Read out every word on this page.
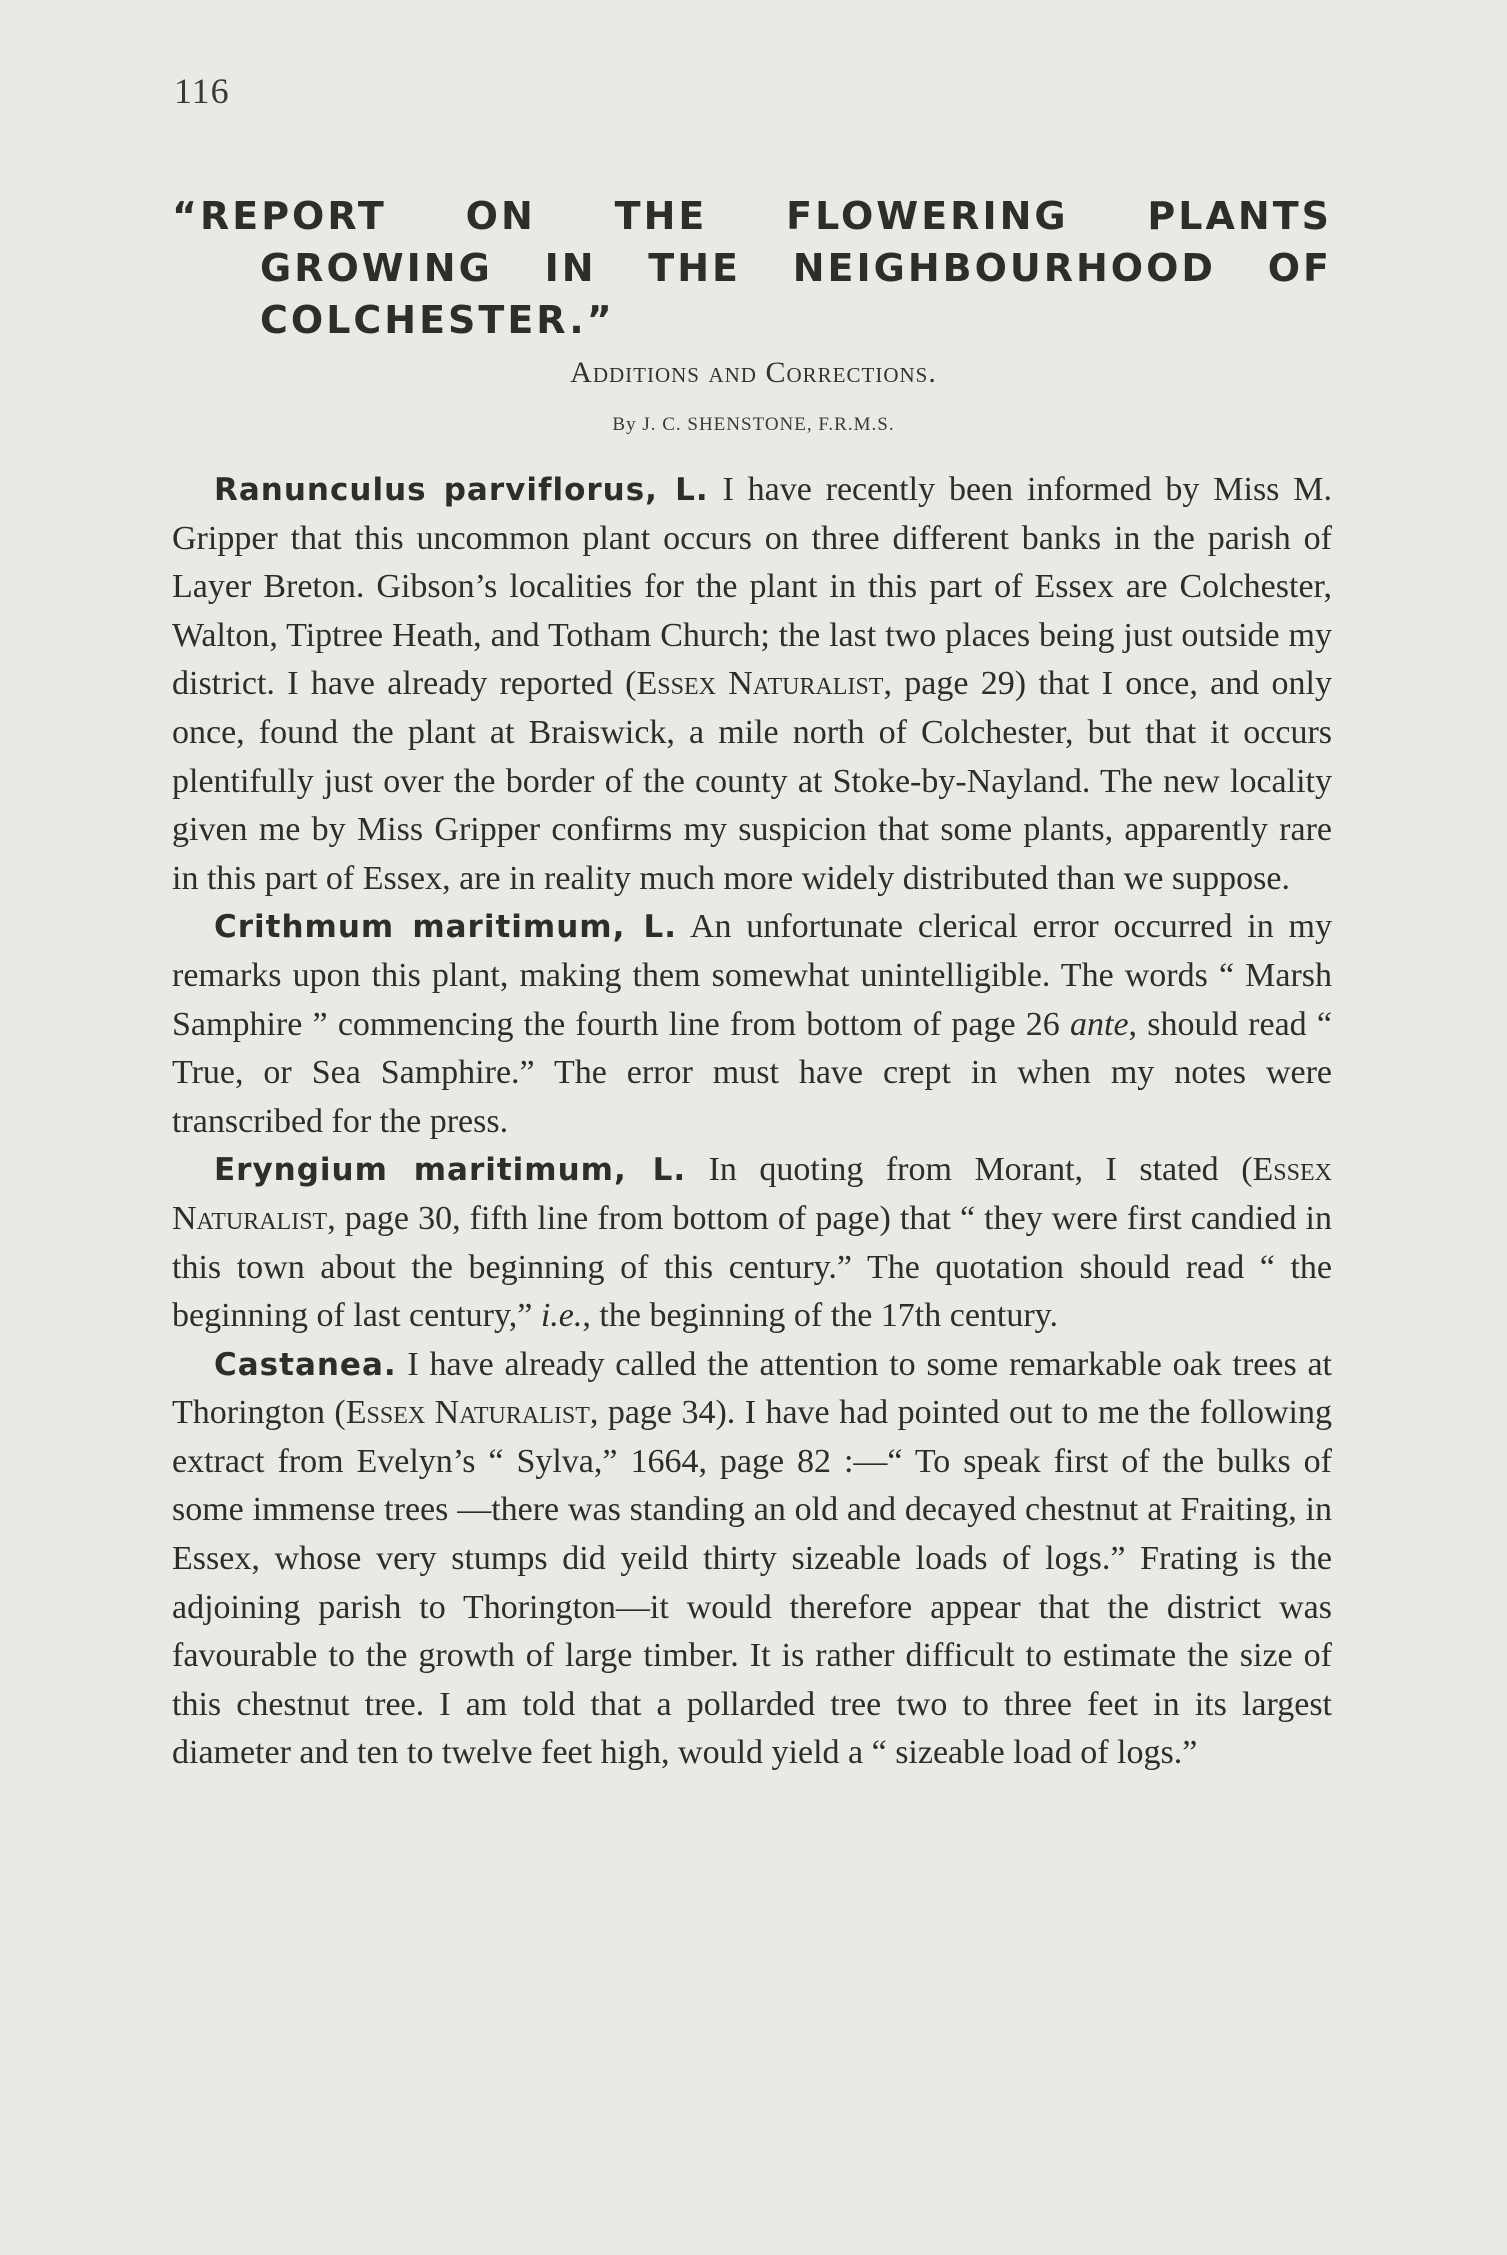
116
“REPORT ON THE FLOWERING PLANTS
GROWING IN THE NEIGHBOURHOOD OF
COLCHESTER.”
Additions and Corrections.
By J. C. SHENSTONE, F.R.M.S.

Ranunculus parviflorus, L. I have recently been informed by Miss M. Gripper that this uncommon plant occurs on three different banks in the parish of Layer Breton. Gibson’s localities for the plant in this part of Essex are Colchester, Walton, Tiptree Heath, and Totham Church; the last two places being just outside my district. I have already reported (Essex Naturalist, page 29) that I once, and only once, found the plant at Braiswick, a mile north of Colchester, but that it occurs plentifully just over the border of the county at Stoke-by-Nayland. The new locality given me by Miss Gripper confirms my suspicion that some plants, apparently rare in this part of Essex, are in reality much more widely distributed than we suppose.

Crithmum maritimum, L. An unfortunate clerical error occurred in my remarks upon this plant, making them somewhat unintelligible. The words “ Marsh Samphire ” commencing the fourth line from bottom of page 26 ante, should read “ True, or Sea Samphire.” The error must have crept in when my notes were transcribed for the press.

Eryngium maritimum, L. In quoting from Morant, I stated (Essex Naturalist, page 30, fifth line from bottom of page) that “ they were first candied in this town about the beginning of this century.” The quotation should read “ the beginning of last century,” i.e., the beginning of the 17th century.

Castanea. I have already called the attention to some remarkable oak trees at Thorington (Essex Naturalist, page 34). I have had pointed out to me the following extract from Evelyn’s “ Sylva,” 1664, page 82 :—“ To speak first of the bulks of some immense trees —there was standing an old and decayed chestnut at Fraiting, in Essex, whose very stumps did yeild thirty sizeable loads of logs.” Frating is the adjoining parish to Thorington—it would therefore appear that the district was favourable to the growth of large timber. It is rather difficult to estimate the size of this chestnut tree. I am told that a pollarded tree two to three feet in its largest diameter and ten to twelve feet high, would yield a “ sizeable load of logs.”
